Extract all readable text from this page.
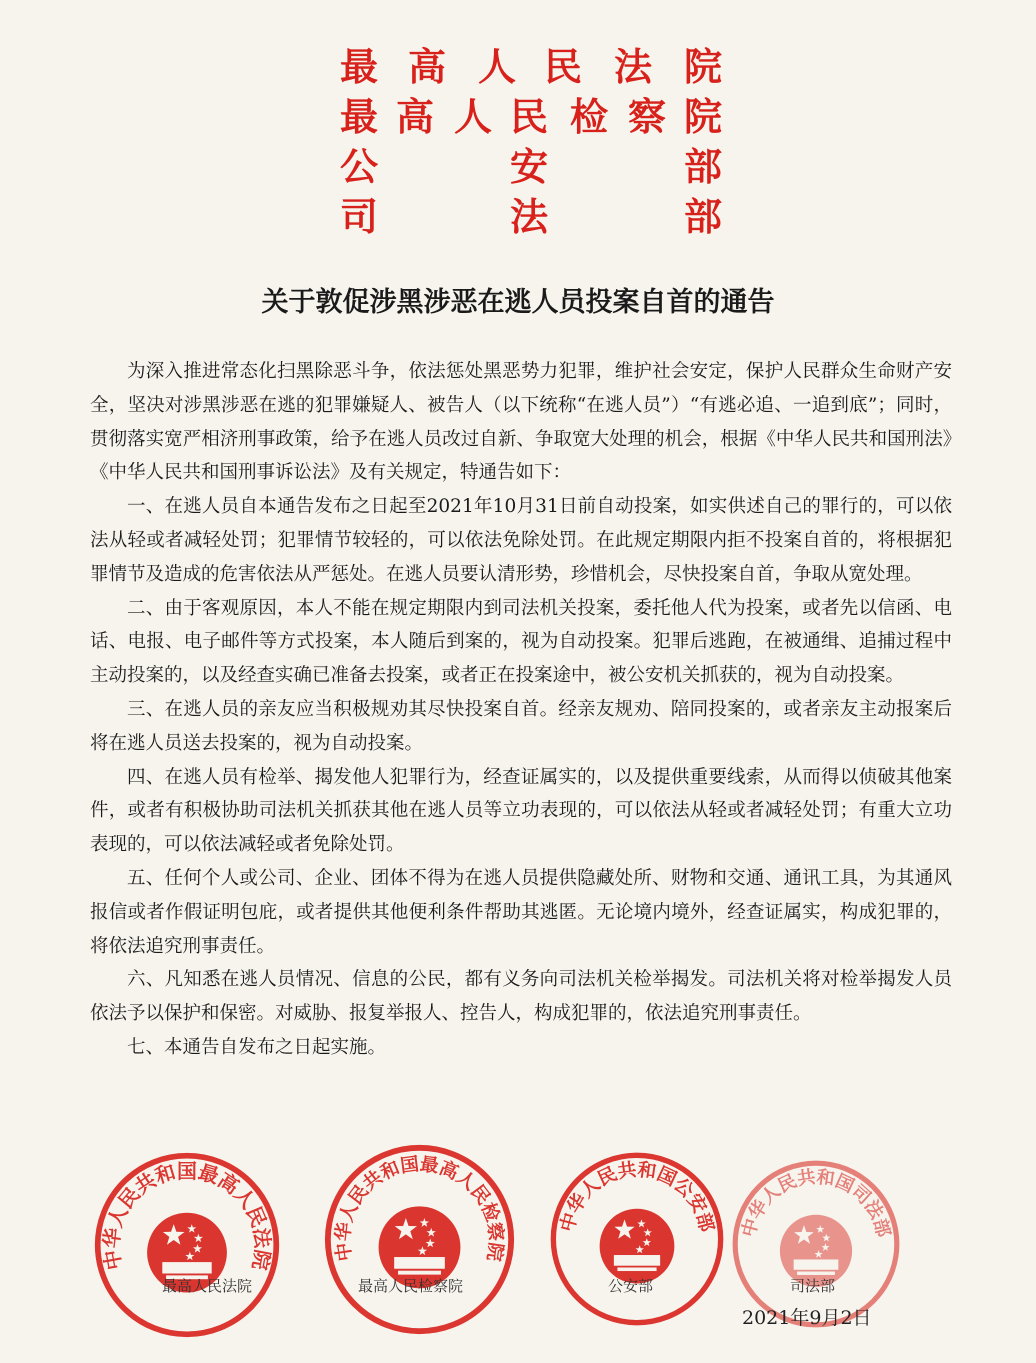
最 高 人 民 法 院
最 高 人 民 检 察 院
公	安	部
司	法	部
关于敦促涉黑涉恶在逃人员投案自首的通告

为深入推进常态化扫黑除恶斗争，依法惩处黑恶势力犯罪，维护社会安定，保护人民群众生命财产安全，坚决对涉黑涉恶在逃的犯罪嫌疑人、被告人（以下统称“在逃人员”）“有逃必追、一追到底”；同时，贯彻落实宽严相济刑事政策，给予在逃人员改过自新、争取宽大处理的机会，根据《中华人民共和国刑法》《中华人民共和国刑事诉讼法》及有关规定，特通告如下：

一、在逃人员自本通告发布之日起至2021年10月31日前自动投案，如实供述自己的罪行的，可以依法从轻或者减轻处罚；犯罪情节较轻的，可以依法免除处罚。在此规定期限内拒不投案自首的，将根据犯罪情节及造成的危害依法从严惩处。在逃人员要认清形势，珍惜机会，尽快投案自首，争取从宽处理。

二、由于客观原因，本人不能在规定期限内到司法机关投案，委托他人代为投案，或者先以信函、电话、电报、电子邮件等方式投案，本人随后到案的，视为自动投案。犯罪后逃跑，在被通缉、追捕过程中主动投案的，以及经查实确已准备去投案，或者正在投案途中，被公安机关抓获的，视为自动投案。

三、在逃人员的亲友应当积极规劝其尽快投案自首。经亲友规劝、陪同投案的，或者亲友主动报案后将在逃人员送去投案的，视为自动投案。

四、在逃人员有检举、揭发他人犯罪行为，经查证属实的，以及提供重要线索，从而得以侦破其他案件，或者有积极协助司法机关抓获其他在逃人员等立功表现的，可以依法从轻或者减轻处罚；有重大立功表现的，可以依法减轻或者免除处罚。

五、任何个人或公司、企业、团体不得为在逃人员提供隐藏处所、财物和交通、通讯工具，为其通风报信或者作假证明包庇，或者提供其他便利条件帮助其逃匿。无论境内境外，经查证属实，构成犯罪的，将依法追究刑事责任。

六、凡知悉在逃人员情况、信息的公民，都有义务向司法机关检举揭发。司法机关将对检举揭发人员依法予以保护和保密。对威胁、报复举报人、控告人，构成犯罪的，依法追究刑事责任。

七、本通告自发布之日起实施。

中华人民共和国最高人民法院	中华人民共和国最高人民检察院
中华人民共和国公安部 中华人民共和国司法部
最高人民法院	最高人民检察院	公安部	司法部
2021年9月2日
